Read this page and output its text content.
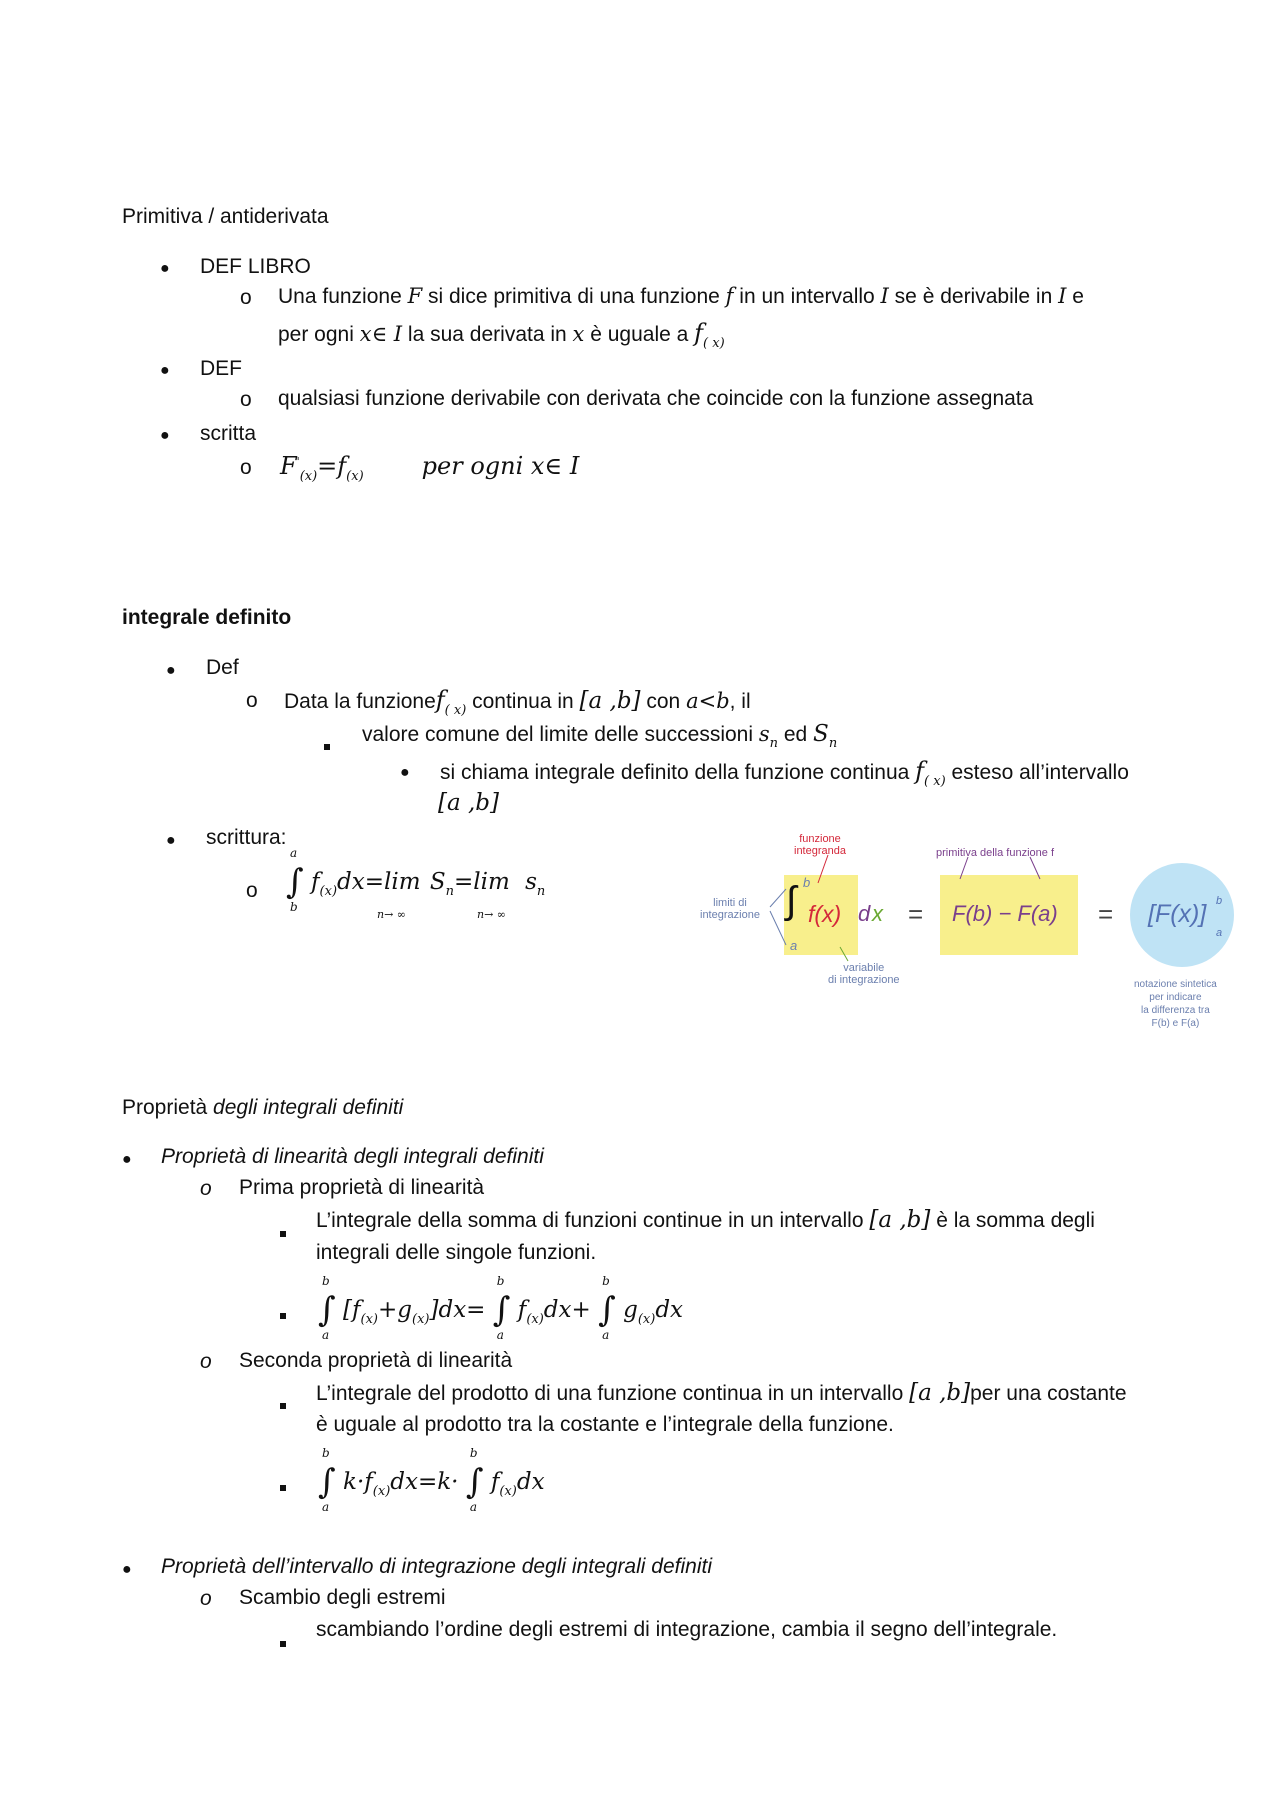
Primitiva / antiderivata
● DEF LIBRO
o Una funzione F si dice primitiva di una funzione f in un intervallo I se è derivabile in I e
per ogni x∈ I la sua derivata in x è uguale a $f_{( x)}$
● DEF
o qualsiasi funzione derivabile con derivata che coincide con la funzione assegnata
● scritta
o $F'_{(x)}=f_{(x)}$ per ogni x∈ I
integrale definito
● Def
o Data la funzionef$_{( x)}$ continua in [a ,b] con a<b, il
valore comune del limite delle successioni $s_n$ ed $S_n$
● si chiama integrale definito della funzione continua $f_{( x)}$ esteso all’intervallo
[a ,b]
● scrittura:
o
a
∫
b
$f_{(x)}dx=\lim$
n→ ∞
$S_n=\lim$
n→ ∞
$s_n$
funzione
integranda	primitiva della funzione f
limiti di
integrazione
variabile
di integrazione	notazione sintetica
per indicare
la differenza tra
F(b) e F(a)
∫ b
a
f(x) d x = F(b) − F(a) = [F(x)] b
a
Proprietà degli integrali definiti
● Proprietà di linearità degli integrali definiti
o Prima proprietà di linearità
L’integrale della somma di funzioni continue in un intervallo [a ,b] è la somma degli
integrali delle singole funzioni.
b
∫
a
$[f_{(x)}+g_{(x)}]dx=$
b
∫
a
$f_{(x)}dx+$
b
∫
a
$g_{(x)}dx$
o Seconda proprietà di linearità
L’integrale del prodotto di una funzione continua in un intervallo [a ,b]per una costante
è uguale al prodotto tra la costante e l’integrale della funzione.
b
∫
a
$k\cdot f_{(x)}dx=k\cdot$
b
∫
a
$f_{(x)}dx$
● Proprietà dell’intervallo di integrazione degli integrali definiti
o Scambio degli estremi
scambiando l’ordine degli estremi di integrazione, cambia il segno dell’integrale.
